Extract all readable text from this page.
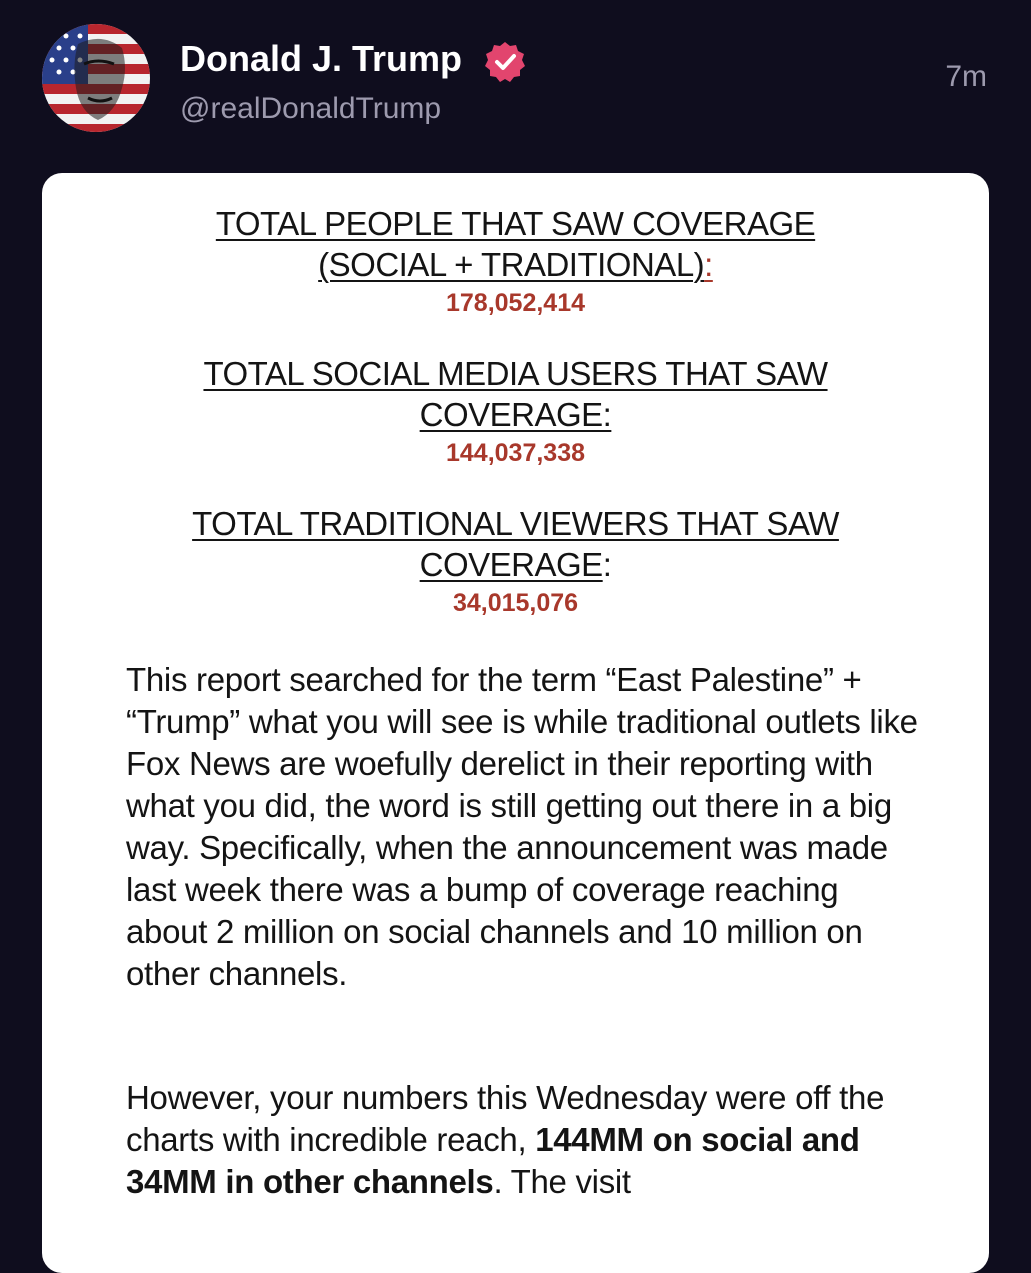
Donald J. Trump
@realDonaldTrump
7m
TOTAL PEOPLE THAT SAW COVERAGE
(SOCIAL + TRADITIONAL):
178,052,414
TOTAL SOCIAL MEDIA USERS THAT SAW
COVERAGE:
144,037,338
TOTAL TRADITIONAL VIEWERS THAT SAW
COVERAGE:
34,015,076

This report searched for the term “East Palestine” + “Trump” what you will see is while traditional outlets like Fox News are woefully derelict in their reporting with what you did, the word is still getting out there in a big way. Specifically, when the announcement was made last week there was a bump of coverage reaching about 2 million on social channels and 10 million on other channels.

However, your numbers this Wednesday were off the charts with incredible reach, 144MM on social and 34MM in other channels. The visit
